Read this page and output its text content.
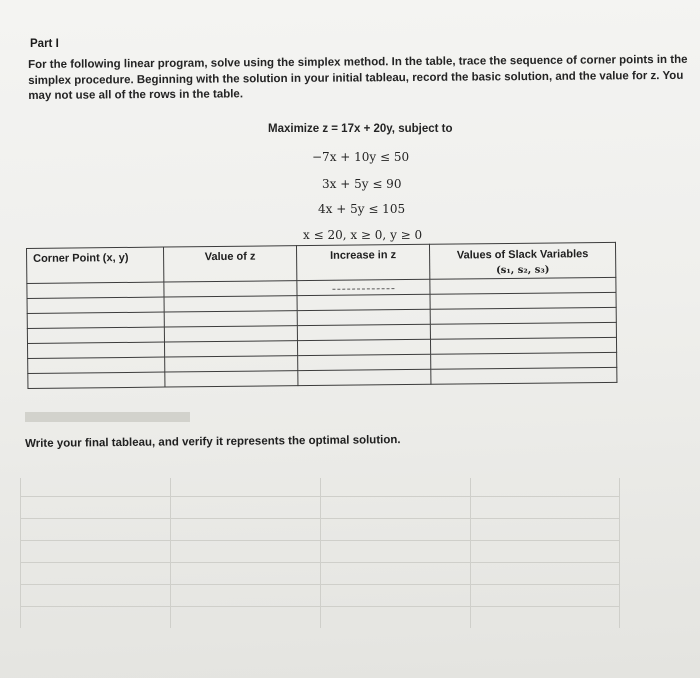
Part I
For the following linear program, solve using the simplex method. In the table, trace the sequence of corner points in the simplex procedure. Beginning with the solution in your initial tableau, record the basic solution, and the value for z. You may not use all of the rows in the table.
Maximize z = 17x + 20y, subject to
−7x + 10y ≤ 50
3x + 5y ≤ 90
4x + 5y ≤ 105
x ≤ 20, x ≥ 0, y ≥ 0
Corner Point (x, y)	Value of z	Increase in z	Values of Slack Variables
(s₁, s₂, s₃)

Write your final tableau, and verify it represents the optimal solution.
